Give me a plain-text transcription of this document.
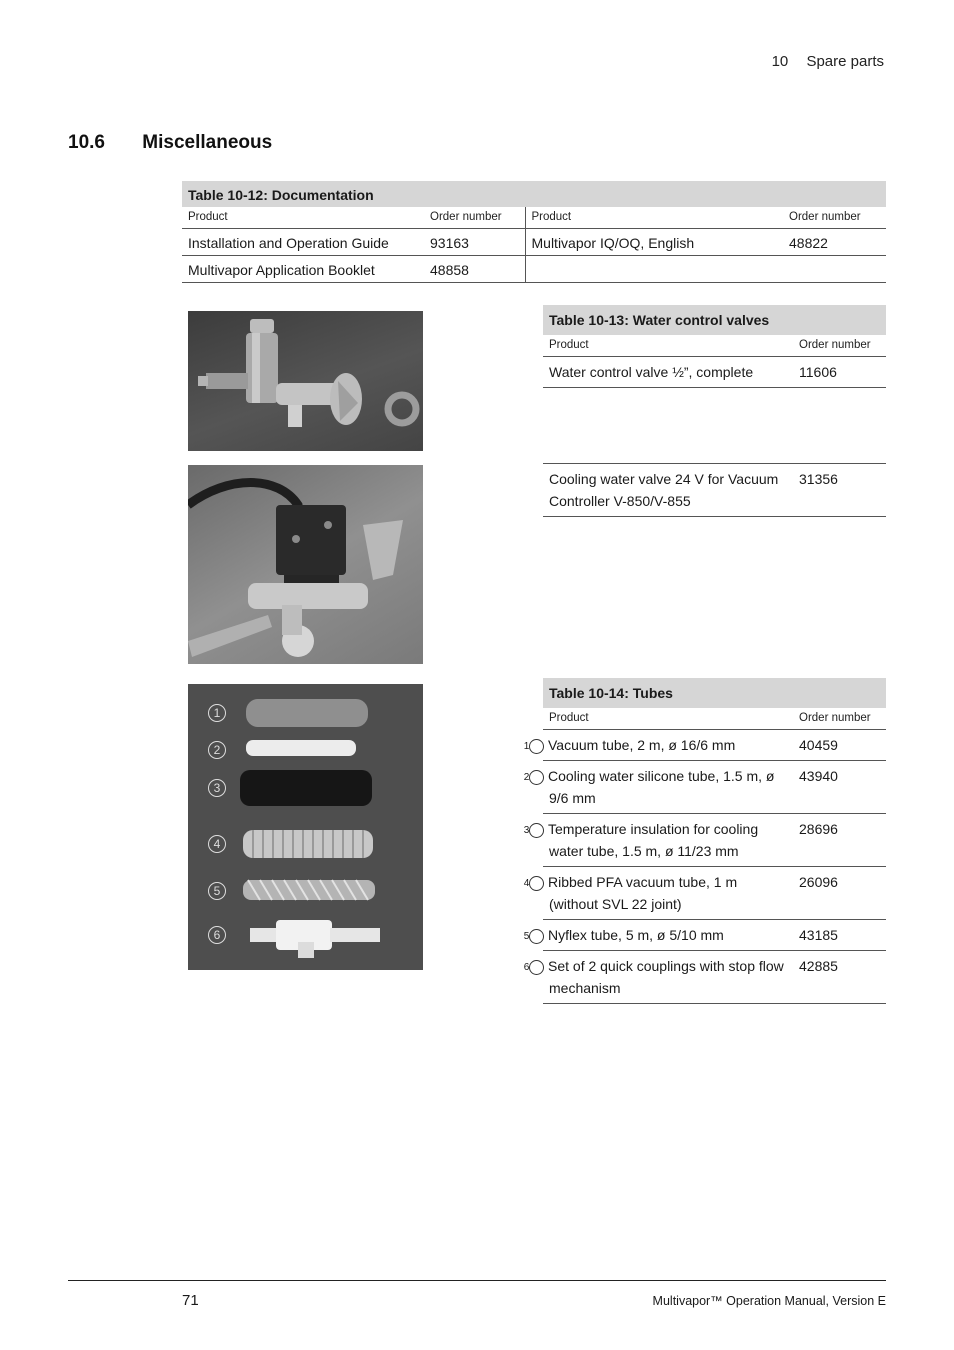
10 Spare parts
10.6 Miscellaneous
Table 10-12: Documentation			
Product	Order number	Product	Order number
Installation and Operation Guide	93163	Multivapor IQ/OQ, English	48822
Multivapor Application Booklet	48858		
Table 10-13: Water control valves	
Product	Order number
Water control valve ½”, complete	11606

Cooling water valve 24 V for Vacuum Controller V-850/V-855	31356
1
2
3
4
5
6
Table 10-14: Tubes	
Product	Order number
1 Vacuum tube, 2 m, ø 16/6 mm	40459
2 Cooling water silicone tube, 1.5 m, ø 9/6 mm	43940
3 Temperature insulation for cooling water tube, 1.5 m, ø 11/23 mm	28696
4 Ribbed PFA vacuum tube, 1 m (without SVL 22 joint)	26096
5 Nyflex tube, 5 m, ø 5/10 mm	43185
6 Set of 2 quick couplings with stop flow mechanism	42885
71	Multivapor™ Operation Manual, Version E
